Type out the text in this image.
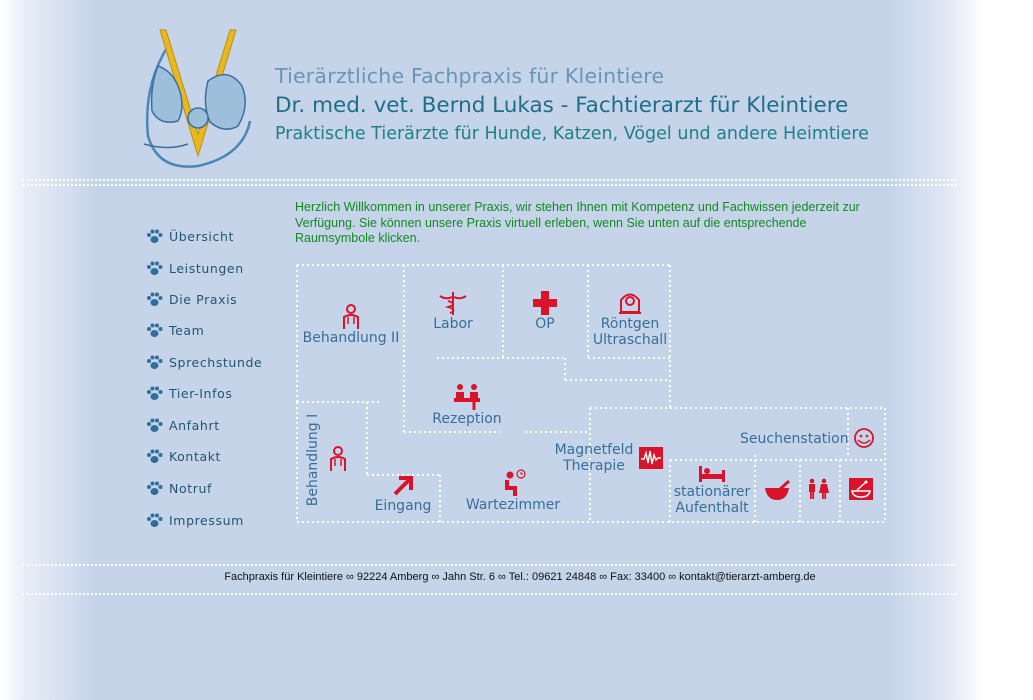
Tierärztliche Fachpraxis für Kleintiere
Dr. med. vet. Bernd Lukas - Fachtierarzt für Kleintiere
Praktische Tierärzte für Hunde, Katzen, Vögel und andere Heimtiere
Übersicht
Leistungen
Die Praxis
Team
Sprechstunde
Tier-Infos
Anfahrt
Kontakt
Notruf
Impressum
Herzlich Willkommen in unserer Praxis, wir stehen Ihnen mit Kompetenz und Fachwissen jederzeit zur Verfügung. Sie können unsere Praxis virtuell erleben, wenn Sie unten auf die entsprechende Raumsymbole klicken.
Behandlung II
Labor	OP	Röntgen
Ultraschall
Rezeption
Behandlung I	Eingang	Wartezimmer
Magnetfeld
Therapie
Seuchenstation
stationärer
Aufenthalt
Fachpraxis für Kleintiere ∞ 92224 Amberg ∞ Jahn Str. 6 ∞ Tel.: 09621 24848 ∞ Fax: 33400 ∞ kontakt@tierarzt-amberg.de
